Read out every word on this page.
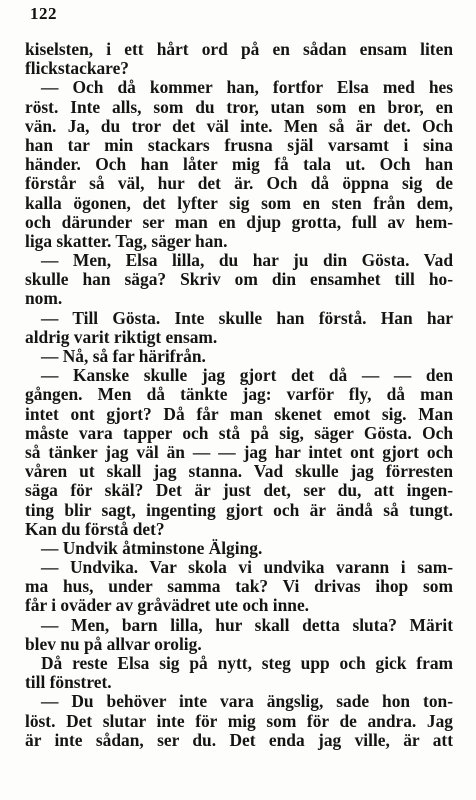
122
kiselsten, i ett hårt ord på en sådan ensam liten
flickstackare?
— Och då kommer han, fortfor Elsa med hes
röst. Inte alls, som du tror, utan som en bror, en
vän. Ja, du tror det väl inte. Men så är det. Och
han tar min stackars frusna själ varsamt i sina
händer. Och han låter mig få tala ut. Och han
förstår så väl, hur det är. Och då öppna sig de
kalla ögonen, det lyfter sig som en sten från dem,
och därunder ser man en djup grotta, full av hem-
liga skatter. Tag, säger han.
— Men, Elsa lilla, du har ju din Gösta. Vad
skulle han säga? Skriv om din ensamhet till ho-
nom.
— Till Gösta. Inte skulle han förstå. Han har
aldrig varit riktigt ensam.
— Nå, så far härifrån.
— Kanske skulle jag gjort det då — — den
gången. Men då tänkte jag: varför fly, då man
intet ont gjort? Då får man skenet emot sig. Man
måste vara tapper och stå på sig, säger Gösta. Och
så tänker jag väl än — — jag har intet ont gjort och
våren ut skall jag stanna. Vad skulle jag förresten
säga för skäl? Det är just det, ser du, att ingen-
ting blir sagt, ingenting gjort och är ändå så tungt.
Kan du förstå det?
— Undvik åtminstone Älging.
— Undvika. Var skola vi undvika varann i sam-
ma hus, under samma tak? Vi drivas ihop som
får i oväder av gråvädret ute och inne.
— Men, barn lilla, hur skall detta sluta? Märit
blev nu på allvar orolig.
Då reste Elsa sig på nytt, steg upp och gick fram
till fönstret.
— Du behöver inte vara ängslig, sade hon ton-
löst. Det slutar inte för mig som för de andra. Jag
är inte sådan, ser du. Det enda jag ville, är att
